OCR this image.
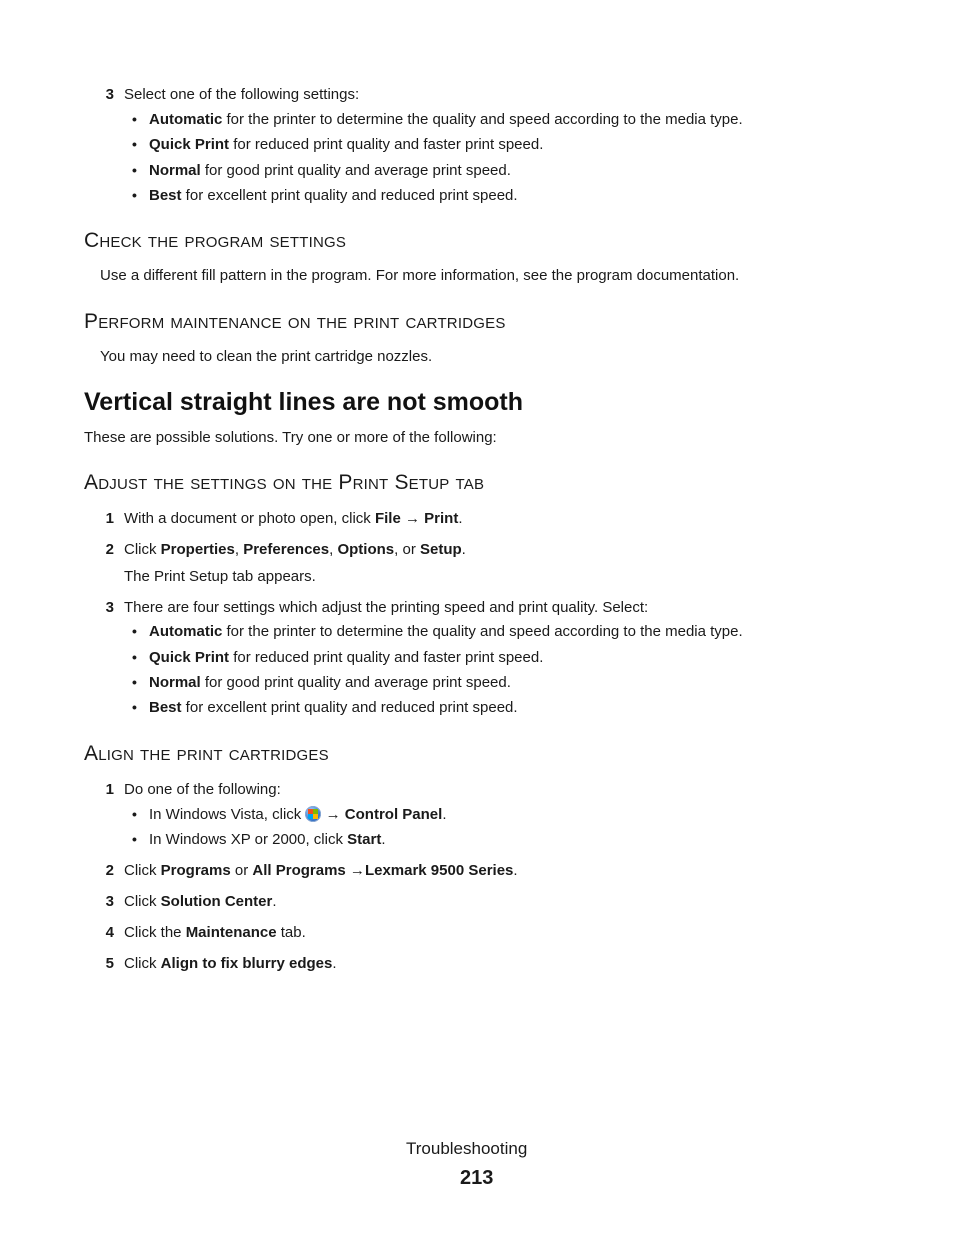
3 Select one of the following settings:
• Automatic for the printer to determine the quality and speed according to the media type.
• Quick Print for reduced print quality and faster print speed.
• Normal for good print quality and average print speed.
• Best for excellent print quality and reduced print speed.
Check the program settings
Use a different fill pattern in the program. For more information, see the program documentation.
Perform maintenance on the print cartridges
You may need to clean the print cartridge nozzles.
Vertical straight lines are not smooth
These are possible solutions. Try one or more of the following:
Adjust the settings on the Print Setup tab
1 With a document or photo open, click File → Print.
2 Click Properties, Preferences, Options, or Setup.
The Print Setup tab appears.
3 There are four settings which adjust the printing speed and print quality. Select:
• Automatic for the printer to determine the quality and speed according to the media type.
• Quick Print for reduced print quality and faster print speed.
• Normal for good print quality and average print speed.
• Best for excellent print quality and reduced print speed.
Align the print cartridges
1 Do one of the following:
• In Windows Vista, click
→ Control Panel.
• In Windows XP or 2000, click Start.
2 Click Programs or All Programs →Lexmark 9500 Series.
3 Click Solution Center.
4 Click the Maintenance tab.
5 Click Align to fix blurry edges.
Troubleshooting
213
